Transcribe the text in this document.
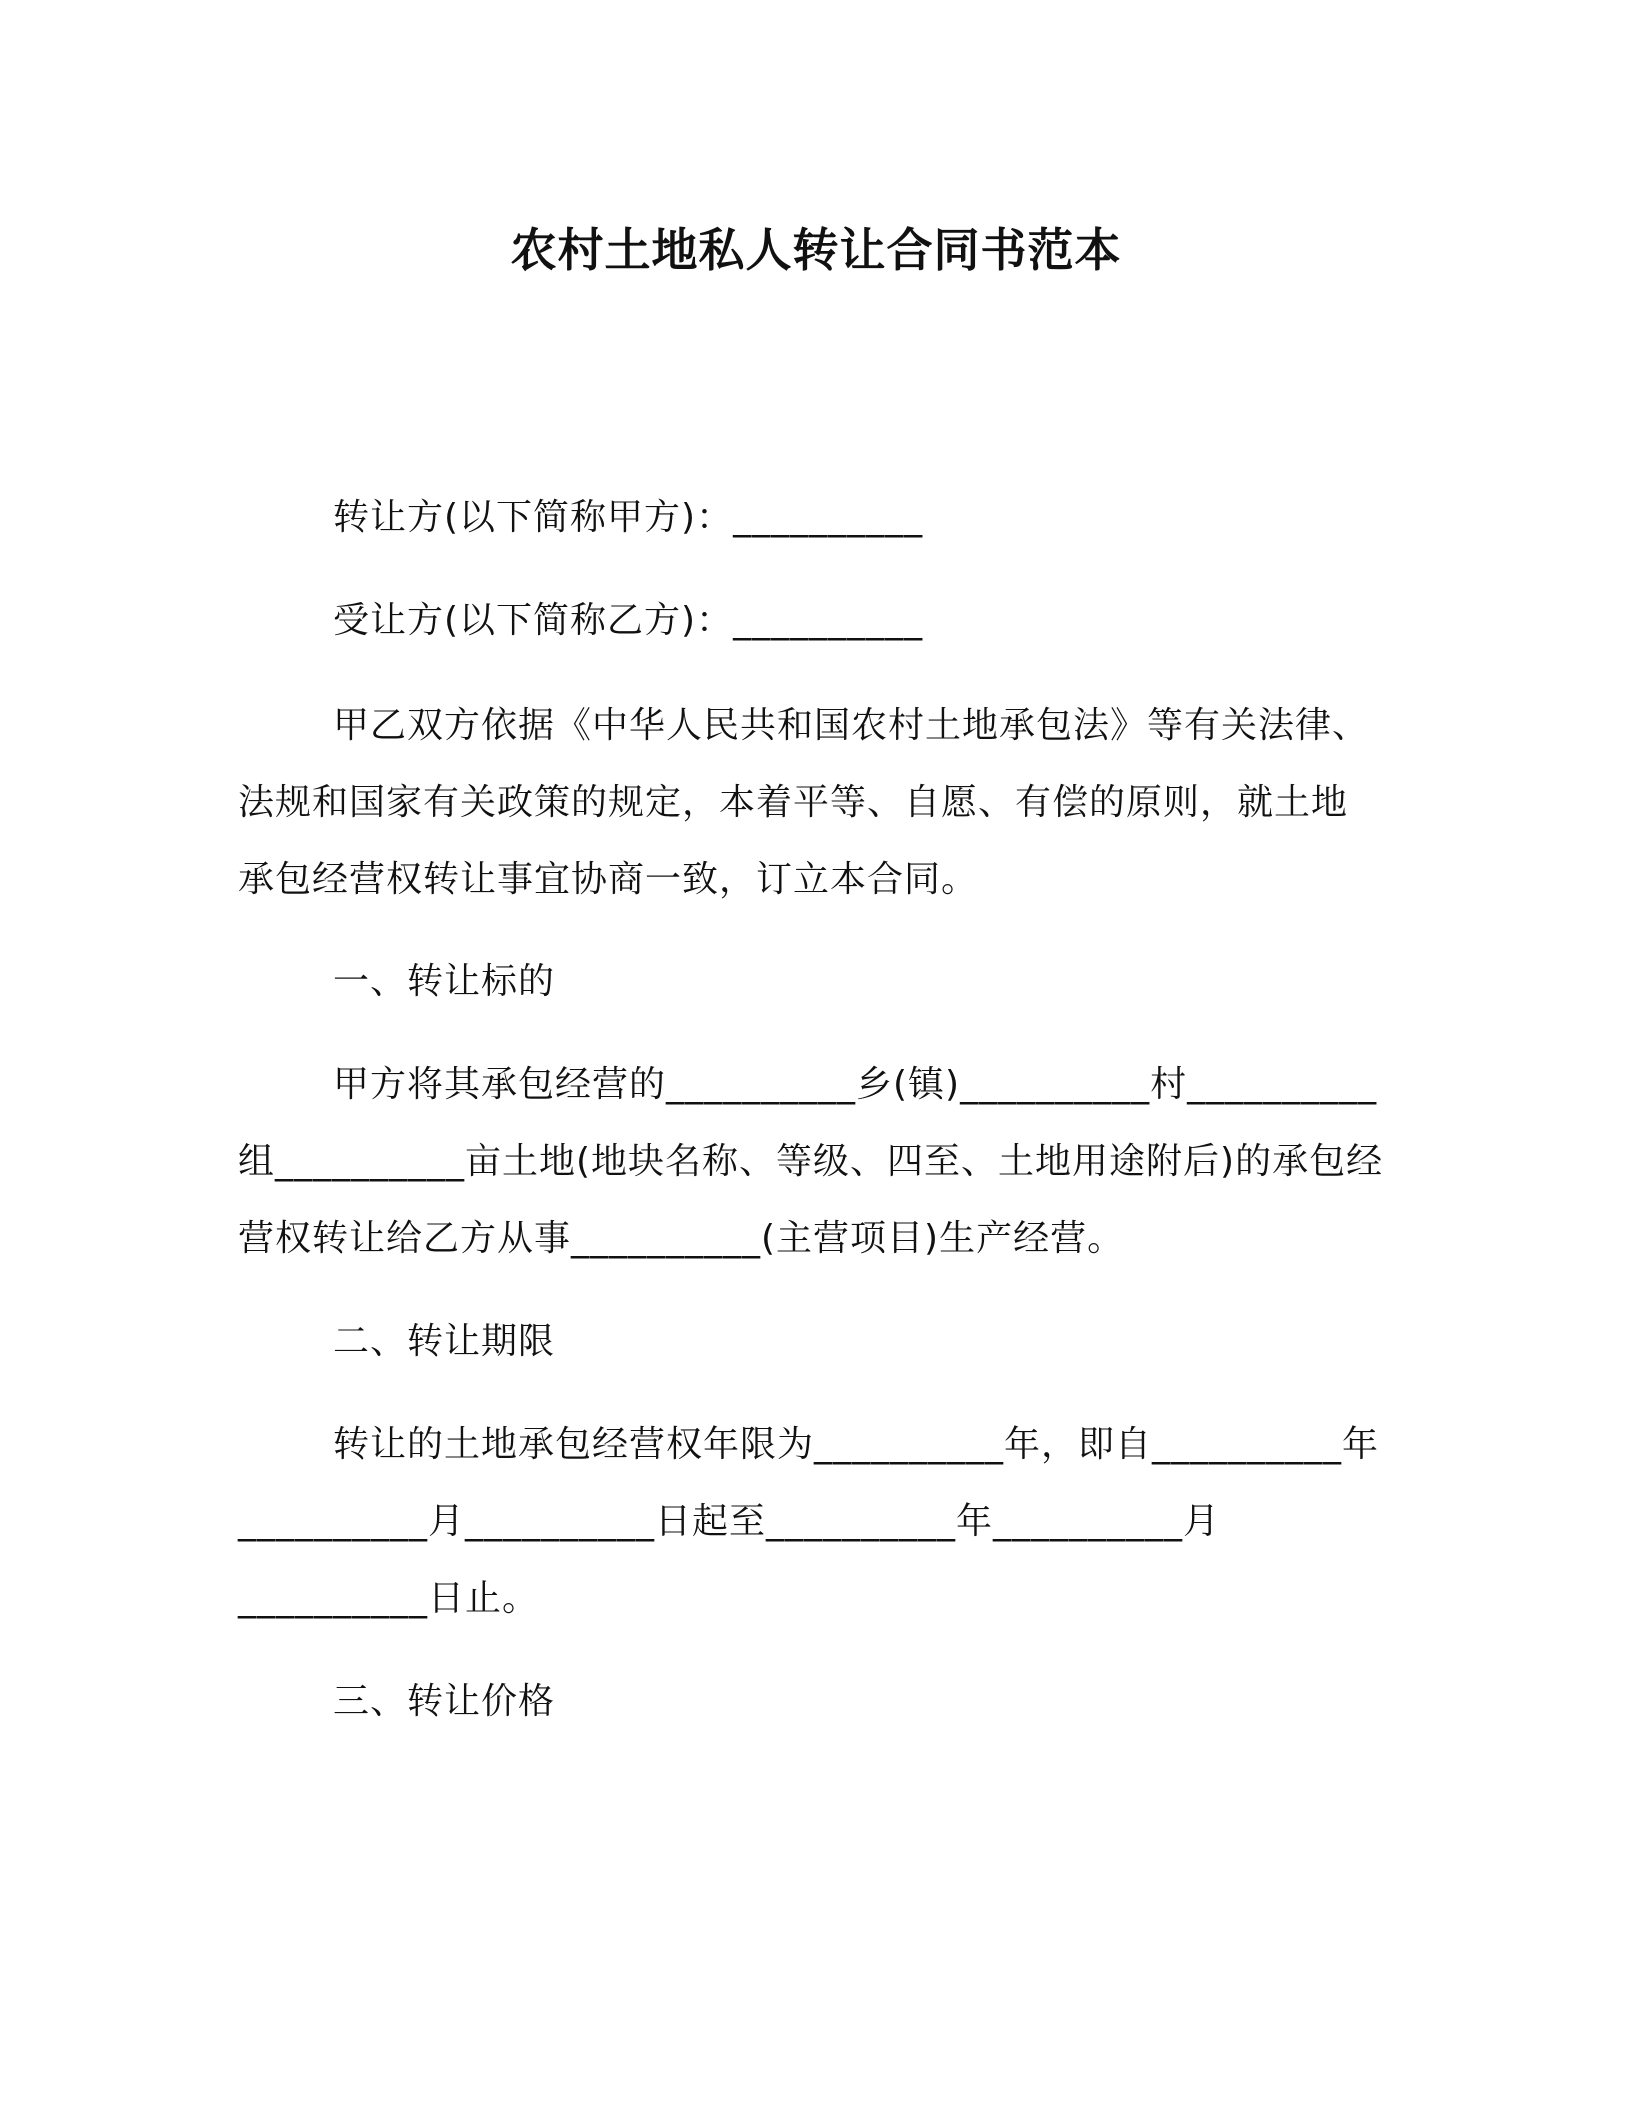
农村土地私人转让合同书范本
转让方(以下简称甲方)：__________
受让方(以下简称乙方)：__________
甲乙双方依据《中华人民共和国农村土地承包法》等有关法律、
法规和国家有关政策的规定，本着平等、自愿、有偿的原则，就土地
承包经营权转让事宜协商一致，订立本合同。
一、转让标的
甲方将其承包经营的__________乡(镇)__________村__________
组__________亩土地(地块名称、等级、四至、土地用途附后)的承包经
营权转让给乙方从事__________(主营项目)生产经营。
二、转让期限
转让的土地承包经营权年限为__________年，即自__________年
__________月__________日起至__________年__________月
__________日止。
三、转让价格
